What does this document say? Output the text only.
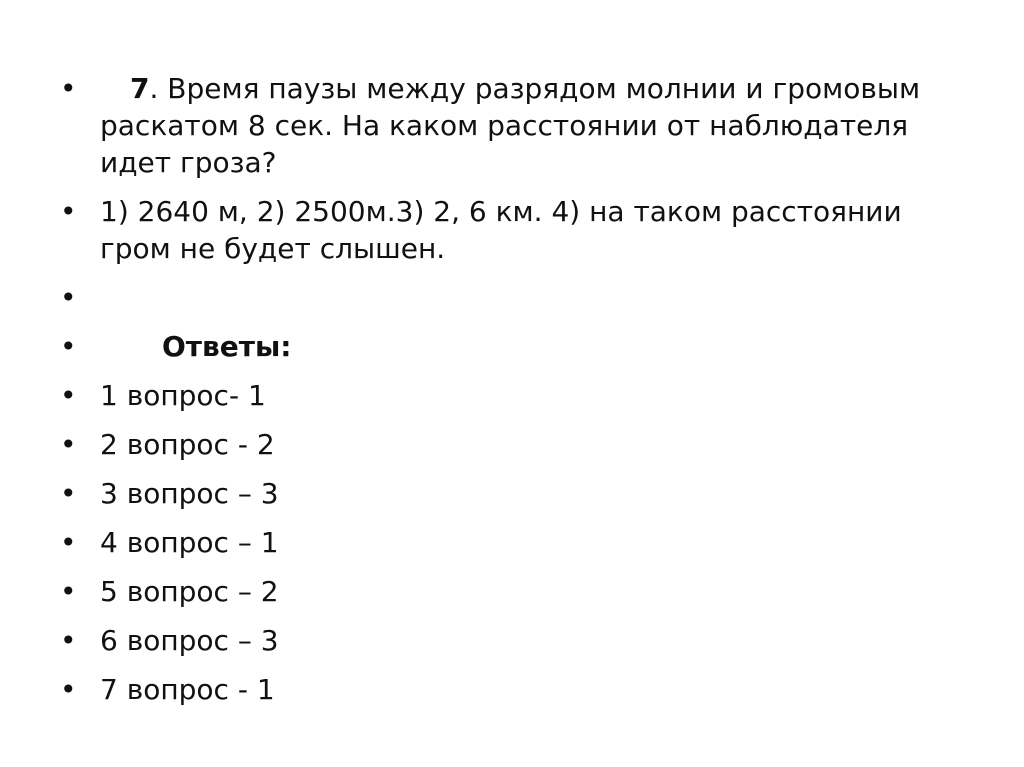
• 7. Время паузы между разрядом молнии и громовым раскатом 8 сек. На каком расстоянии от наблюдателя идет гроза?
• 1) 2640 м, 2) 2500м.3) 2, 6 км. 4) на таком расстоянии гром не будет слышен.
•
•	Ответы:
• 1 вопрос- 1
• 2 вопрос - 2
• 3 вопрос – 3
• 4 вопрос – 1
• 5 вопрос – 2
• 6 вопрос – 3
• 7 вопрос - 1
